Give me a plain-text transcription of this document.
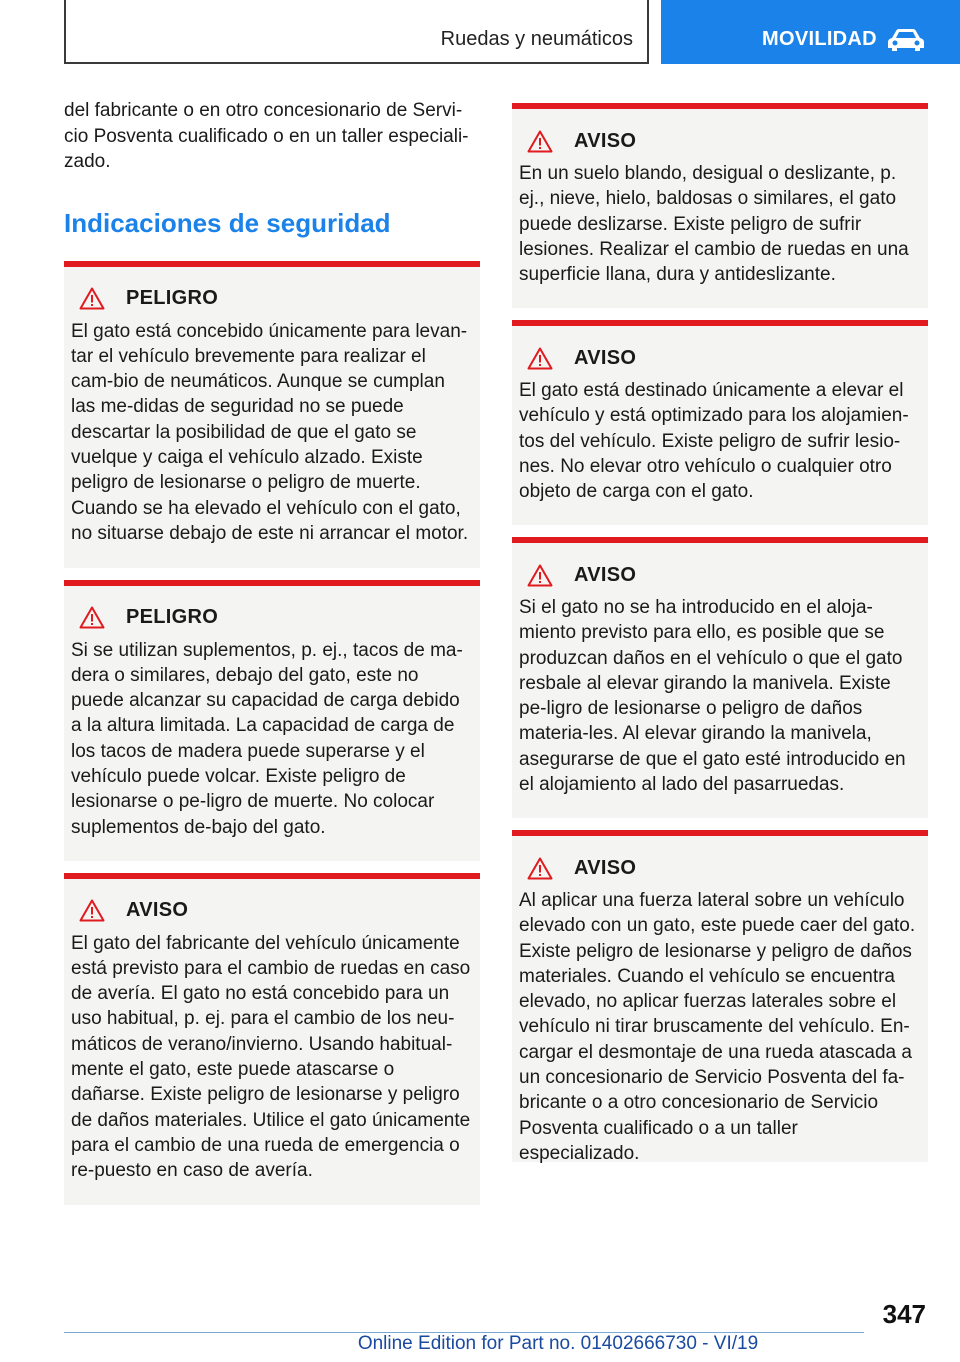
Ruedas y neumáticos	MOVILIDAD

del fabricante o en otro concesionario de Servi-cio Posventa cualificado o en un taller especiali-zado.

Indicaciones de seguridad
PELIGRO

El gato está concebido únicamente para levan-tar el vehículo brevemente para realizar el cam-bio de neumáticos. Aunque se cumplan las me-didas de seguridad no se puede descartar la posibilidad de que el gato se vuelque y caiga el vehículo alzado. Existe peligro de lesionarse o peligro de muerte. Cuando se ha elevado el vehículo con el gato, no situarse debajo de este ni arrancar el motor.

PELIGRO

Si se utilizan suplementos, p. ej., tacos de ma-dera o similares, debajo del gato, este no puede alcanzar su capacidad de carga debido a la altura limitada. La capacidad de carga de los tacos de madera puede superarse y el vehículo puede volcar. Existe peligro de lesionarse o pe-ligro de muerte. No colocar suplementos de-bajo del gato.

AVISO

El gato del fabricante del vehículo únicamente está previsto para el cambio de ruedas en caso de avería. El gato no está concebido para un uso habitual, p. ej. para el cambio de los neu-máticos de verano/invierno. Usando habitual-mente el gato, este puede atascarse o dañarse. Existe peligro de lesionarse y peligro de daños materiales. Utilice el gato únicamente para el cambio de una rueda de emergencia o re-puesto en caso de avería.

AVISO

En un suelo blando, desigual o deslizante, p. ej., nieve, hielo, baldosas o similares, el gato puede deslizarse. Existe peligro de sufrir lesiones. Realizar el cambio de ruedas en una superficie llana, dura y antideslizante.

AVISO

El gato está destinado únicamente a elevar el vehículo y está optimizado para los alojamien-tos del vehículo. Existe peligro de sufrir lesio-nes. No elevar otro vehículo o cualquier otro objeto de carga con el gato.

AVISO

Si el gato no se ha introducido en el aloja-miento previsto para ello, es posible que se produzcan daños en el vehículo o que el gato resbale al elevar girando la manivela. Existe pe-ligro de lesionarse o peligro de daños materia-les. Al elevar girando la manivela, asegurarse de que el gato esté introducido en el alojamiento al lado del pasarruedas.

AVISO

Al aplicar una fuerza lateral sobre un vehículo elevado con un gato, este puede caer del gato. Existe peligro de lesionarse y peligro de daños materiales. Cuando el vehículo se encuentra elevado, no aplicar fuerzas laterales sobre el vehículo ni tirar bruscamente del vehículo. En-cargar el desmontaje de una rueda atascada a un concesionario de Servicio Posventa del fa-bricante o a otro concesionario de Servicio Posventa cualificado o a un taller especializado.

347
Online Edition for Part no. 01402666730 - VI/19
